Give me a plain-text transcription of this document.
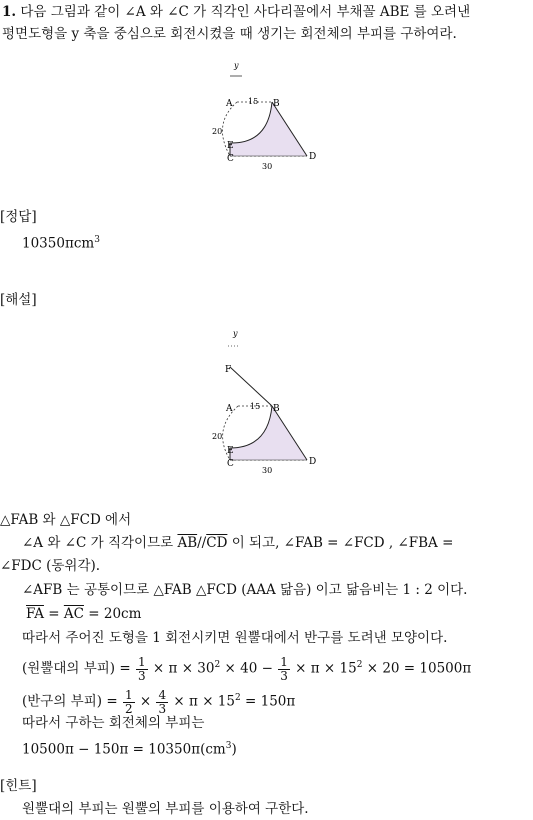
1. 다음 그림과 같이 ∠A 와 ∠C 가 직각인 사다리꼴에서 부채꼴 ABE 를 오려낸
평면도형을 y 축을 중심으로 회전시켰을 때 생기는 회전체의 부피를 구하여라.
y
A	B
E
C	D
15
20
30
[정답]
10350πcm$^3$
[해설]
y
F
A	B
E
C	D
15
20
30
△FAB 와 △FCD 에서
∠A 와 ∠C 가 직각이므로 $\overline{AB}//\overline{CD}$ 이 되고, ∠FAB = ∠FCD , ∠FBA =
∠FDC (동위각).
∠AFB 는 공통이므로 △FAB △FCD (AAA 닮음) 이고 닮음비는 1 : 2 이다.
$\overline{FA} = \overline{AC} = 20cm$
따라서 주어진 도형을 1 회전시키면 원뿔대에서 반구를 도려낸 모양이다.
(원뿔대의 부피) = $\frac{1}{3} \times \pi \times 30^2 \times 40 - \frac{1}{3} \times \pi \times 15^2 \times 20 = 10500\pi$
(반구의 부피) = $\frac{1}{2} \times \frac{4}{3} \times \pi \times 15^2 = 150\pi$
따라서 구하는 회전체의 부피는
$10500\pi - 150\pi = 10350\pi(cm^3)$
[힌트]
원뿔대의 부피는 원뿔의 부피를 이용하여 구한다.
